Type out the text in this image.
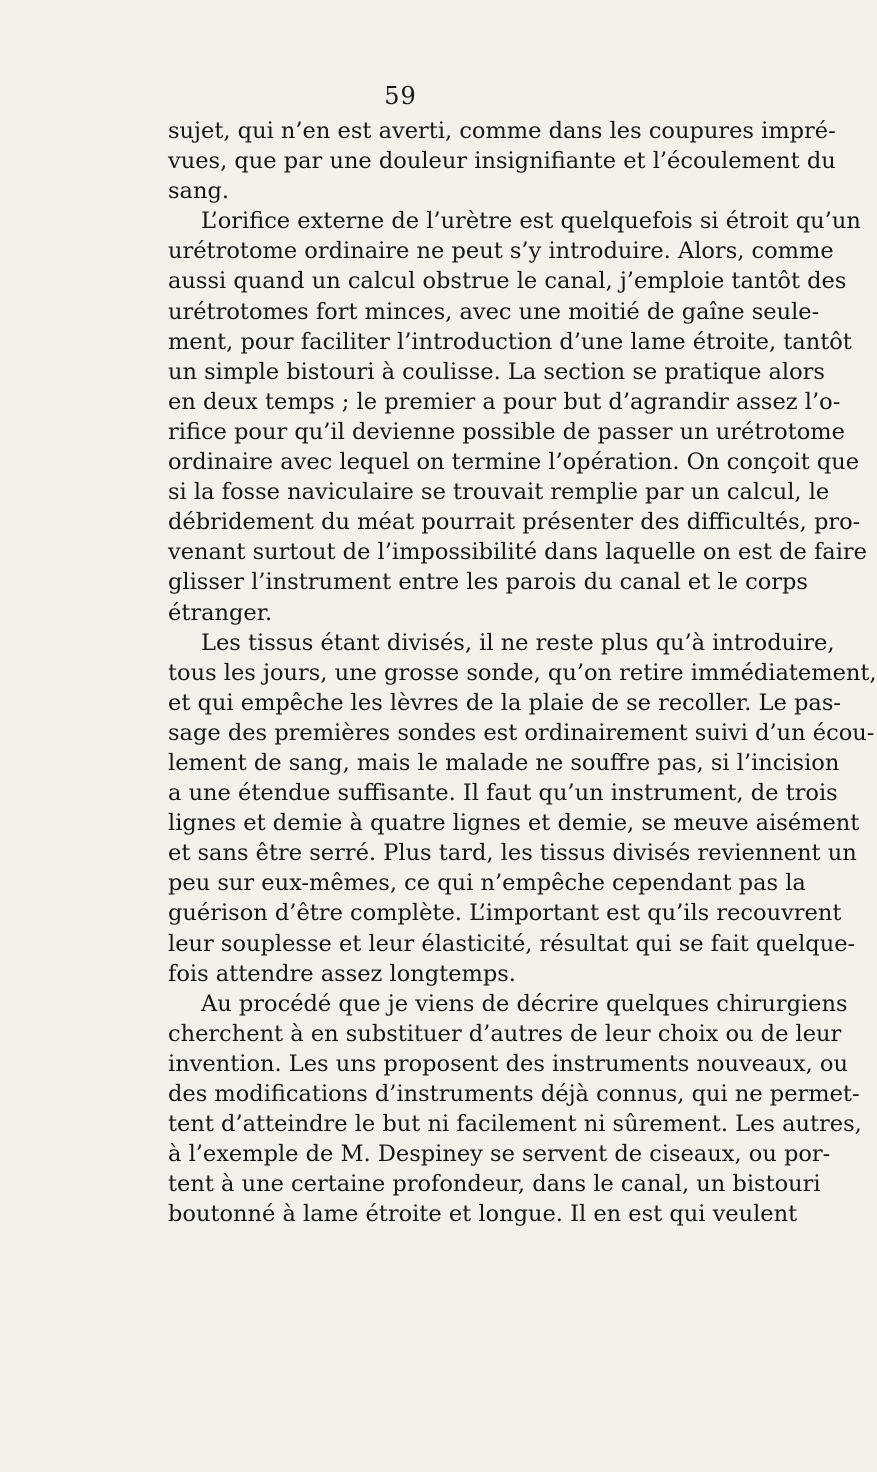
59
sujet, qui n’en est averti, comme dans les coupures impré-
vues, que par une douleur insignifiante et l’écoulement du
sang.
L’orifice externe de l’urètre est quelquefois si étroit qu’un
urétrotome ordinaire ne peut s’y introduire. Alors, comme
aussi quand un calcul obstrue le canal, j’emploie tantôt des
urétrotomes fort minces, avec une moitié de gaîne seule-
ment, pour faciliter l’introduction d’une lame étroite, tantôt
un simple bistouri à coulisse. La section se pratique alors
en deux temps ; le premier a pour but d’agrandir assez l’o-
rifice pour qu’il devienne possible de passer un urétrotome
ordinaire avec lequel on termine l’opération. On conçoit que
si la fosse naviculaire se trouvait remplie par un calcul, le
débridement du méat pourrait présenter des difficultés, pro-
venant surtout de l’impossibilité dans laquelle on est de faire
glisser l’instrument entre les parois du canal et le corps
étranger.
Les tissus étant divisés, il ne reste plus qu’à introduire,
tous les jours, une grosse sonde, qu’on retire immédiatement,
et qui empêche les lèvres de la plaie de se recoller. Le pas-
sage des premières sondes est ordinairement suivi d’un écou-
lement de sang, mais le malade ne souffre pas, si l’incision
a une étendue suffisante. Il faut qu’un instrument, de trois
lignes et demie à quatre lignes et demie, se meuve aisément
et sans être serré. Plus tard, les tissus divisés reviennent un
peu sur eux-mêmes, ce qui n’empêche cependant pas la
guérison d’être complète. L’important est qu’ils recouvrent
leur souplesse et leur élasticité, résultat qui se fait quelque-
fois attendre assez longtemps.
Au procédé que je viens de décrire quelques chirurgiens
cherchent à en substituer d’autres de leur choix ou de leur
invention. Les uns proposent des instruments nouveaux, ou
des modifications d’instruments déjà connus, qui ne permet-
tent d’atteindre le but ni facilement ni sûrement. Les autres,
à l’exemple de M. Despiney se servent de ciseaux, ou por-
tent à une certaine profondeur, dans le canal, un bistouri
boutonné à lame étroite et longue. Il en est qui veulent
